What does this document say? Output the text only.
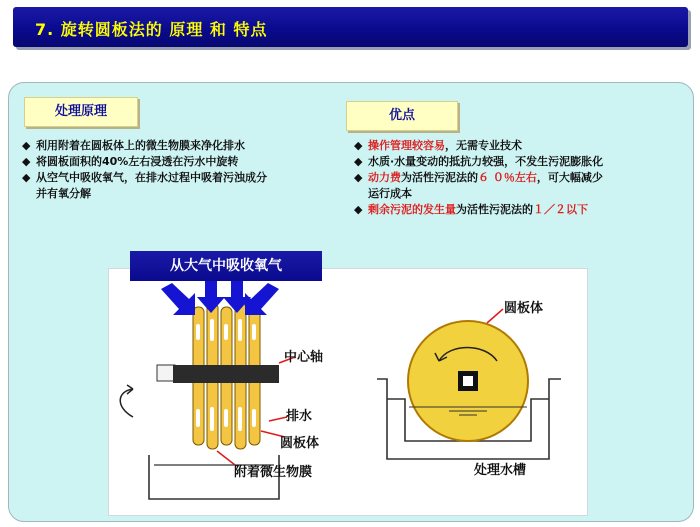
7. 旋转圆板法的 原理 和 特点
处理原理	优点
◆ 利用附着在圆板体上的微生物膜来净化排水
◆ 将圆板面积的40%左右浸透在污水中旋转
◆ 从空气中吸收氧气，在排水过程中吸着污浊成分
并有氧分解
◆ 操作管理较容易，无需专业技术
◆ 水质·水量变动的抵抗力较强，不发生污泥膨胀化
◆ 动力费为活性污泥法的６ ０％左右，可大幅减少
运行成本
◆ 剩余污泥的发生量为活性污泥法的１／２以下
从大气中吸收氧气
中心轴
排水
圆板体
附着微生物膜
圆板体
处理水槽
